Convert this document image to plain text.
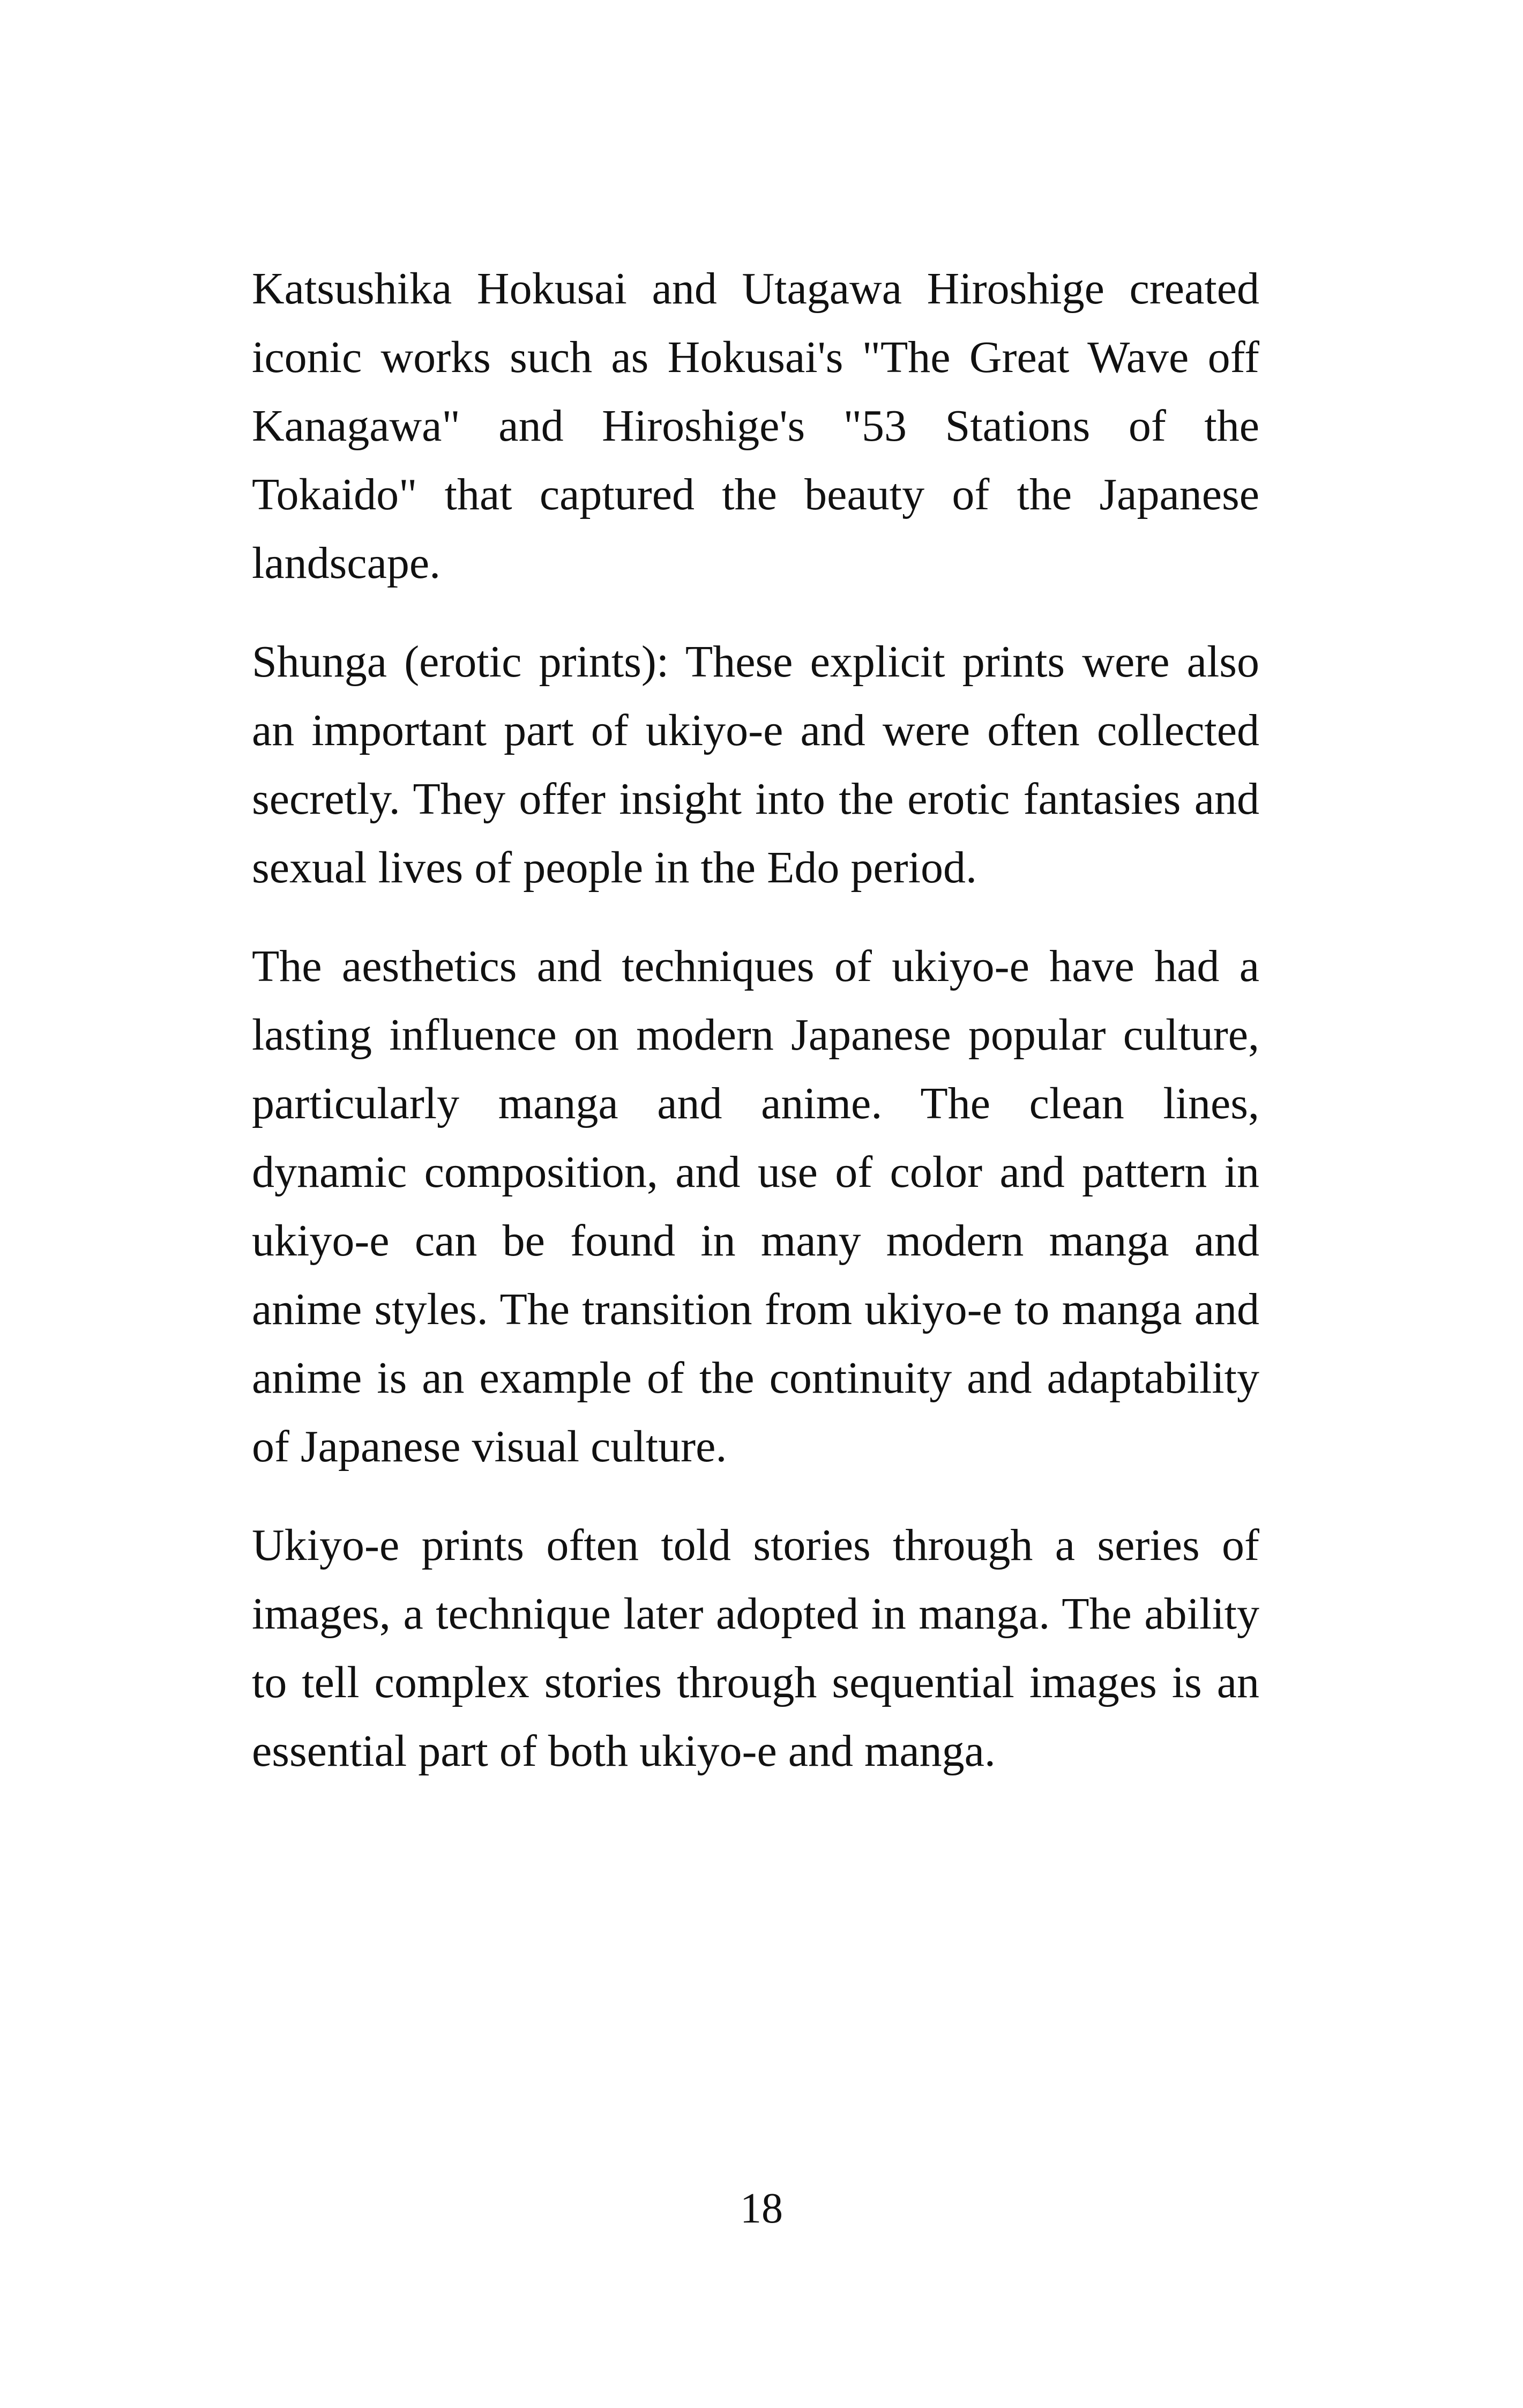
Katsushika Hokusai and Utagawa Hiroshige created iconic works such as Hokusai's "The Great Wave off Kanagawa" and Hiroshige's "53 Stations of the Tokaido" that captured the beauty of the Japanese landscape.

Shunga (erotic prints): These explicit prints were also an important part of ukiyo-e and were often collected secretly. They offer insight into the erotic fantasies and sexual lives of people in the Edo period.

The aesthetics and techniques of ukiyo-e have had a lasting influence on modern Japanese popular culture, particularly manga and anime. The clean lines, dynamic composition, and use of color and pattern in ukiyo-e can be found in many modern manga and anime styles. The transition from ukiyo-e to manga and anime is an example of the continuity and adaptability of Japanese visual culture.

Ukiyo-e prints often told stories through a series of images, a technique later adopted in manga. The ability to tell complex stories through sequential images is an essential part of both ukiyo-e and manga.

18
